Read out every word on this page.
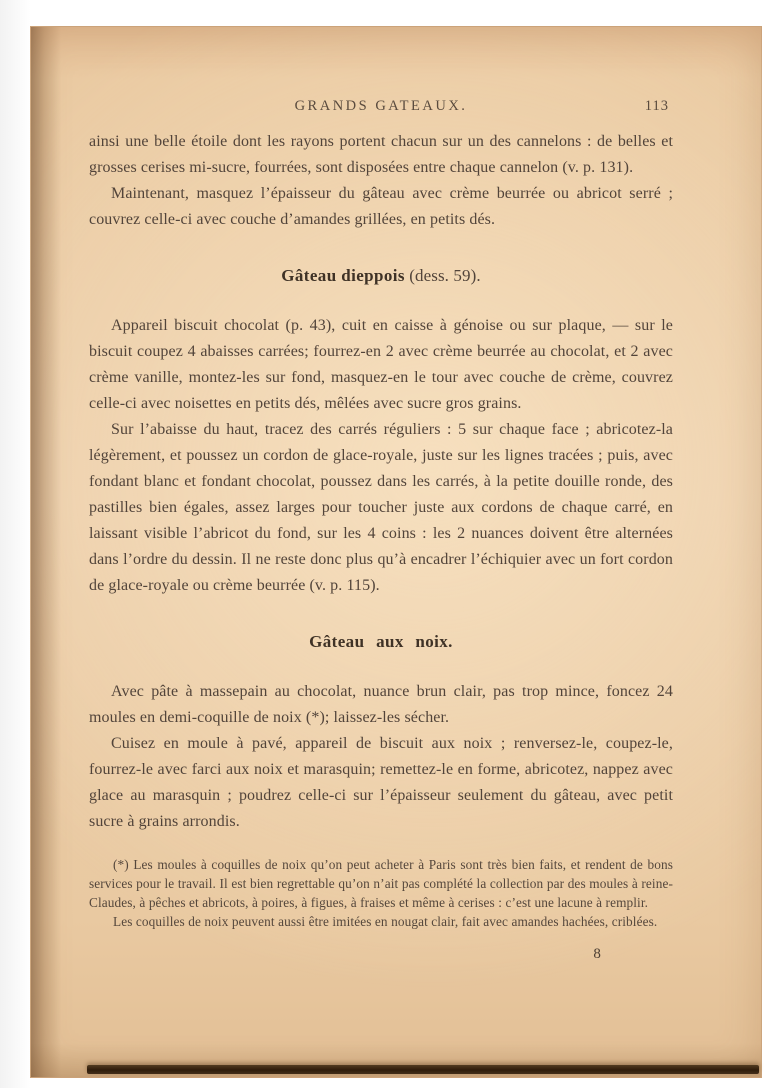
GRANDS GATEAUX.	113

ainsi une belle étoile dont les rayons portent chacun sur un des cannelons : de belles et grosses cerises mi-sucre, fourrées, sont disposées entre chaque cannelon (v. p. 131).

Maintenant, masquez l’épaisseur du gâteau avec crème beurrée ou abricot serré ; couvrez celle-ci avec couche d’amandes grillées, en petits dés.

Gâteau dieppois (dess. 59).

Appareil biscuit chocolat (p. 43), cuit en caisse à génoise ou sur plaque, — sur le biscuit coupez 4 abaisses carrées; fourrez-en 2 avec crème beurrée au chocolat, et 2 avec crème vanille, montez-les sur fond, masquez-en le tour avec couche de crème, couvrez celle-ci avec noisettes en petits dés, mêlées avec sucre gros grains.

Sur l’abaisse du haut, tracez des carrés réguliers : 5 sur chaque face ; abricotez-la légèrement, et poussez un cordon de glace-royale, juste sur les lignes tracées ; puis, avec fondant blanc et fondant chocolat, poussez dans les carrés, à la petite douille ronde, des pastilles bien égales, assez larges pour toucher juste aux cordons de chaque carré, en laissant visible l’abricot du fond, sur les 4 coins : les 2 nuances doivent être alternées dans l’ordre du dessin. Il ne reste donc plus qu’à encadrer l’échiquier avec un fort cordon de glace-royale ou crème beurrée (v. p. 115).

Gâteau aux noix.

Avec pâte à massepain au chocolat, nuance brun clair, pas trop mince, foncez 24 moules en demi-coquille de noix (*); laissez-les sécher.

Cuisez en moule à pavé, appareil de biscuit aux noix ; renversez-le, coupez-le, fourrez-le avec farci aux noix et marasquin; remettez-le en forme, abricotez, nappez avec glace au marasquin ; poudrez celle-ci sur l’épaisseur seulement du gâteau, avec petit sucre à grains arrondis.

(*) Les moules à coquilles de noix qu’on peut acheter à Paris sont très bien faits, et rendent de bons services pour le travail. Il est bien regrettable qu’on n’ait pas complété la collection par des moules à reine-Claudes, à pêches et abricots, à poires, à figues, à fraises et même à cerises : c’est une lacune à remplir.

Les coquilles de noix peuvent aussi être imitées en nougat clair, fait avec amandes hachées, criblées.

8
